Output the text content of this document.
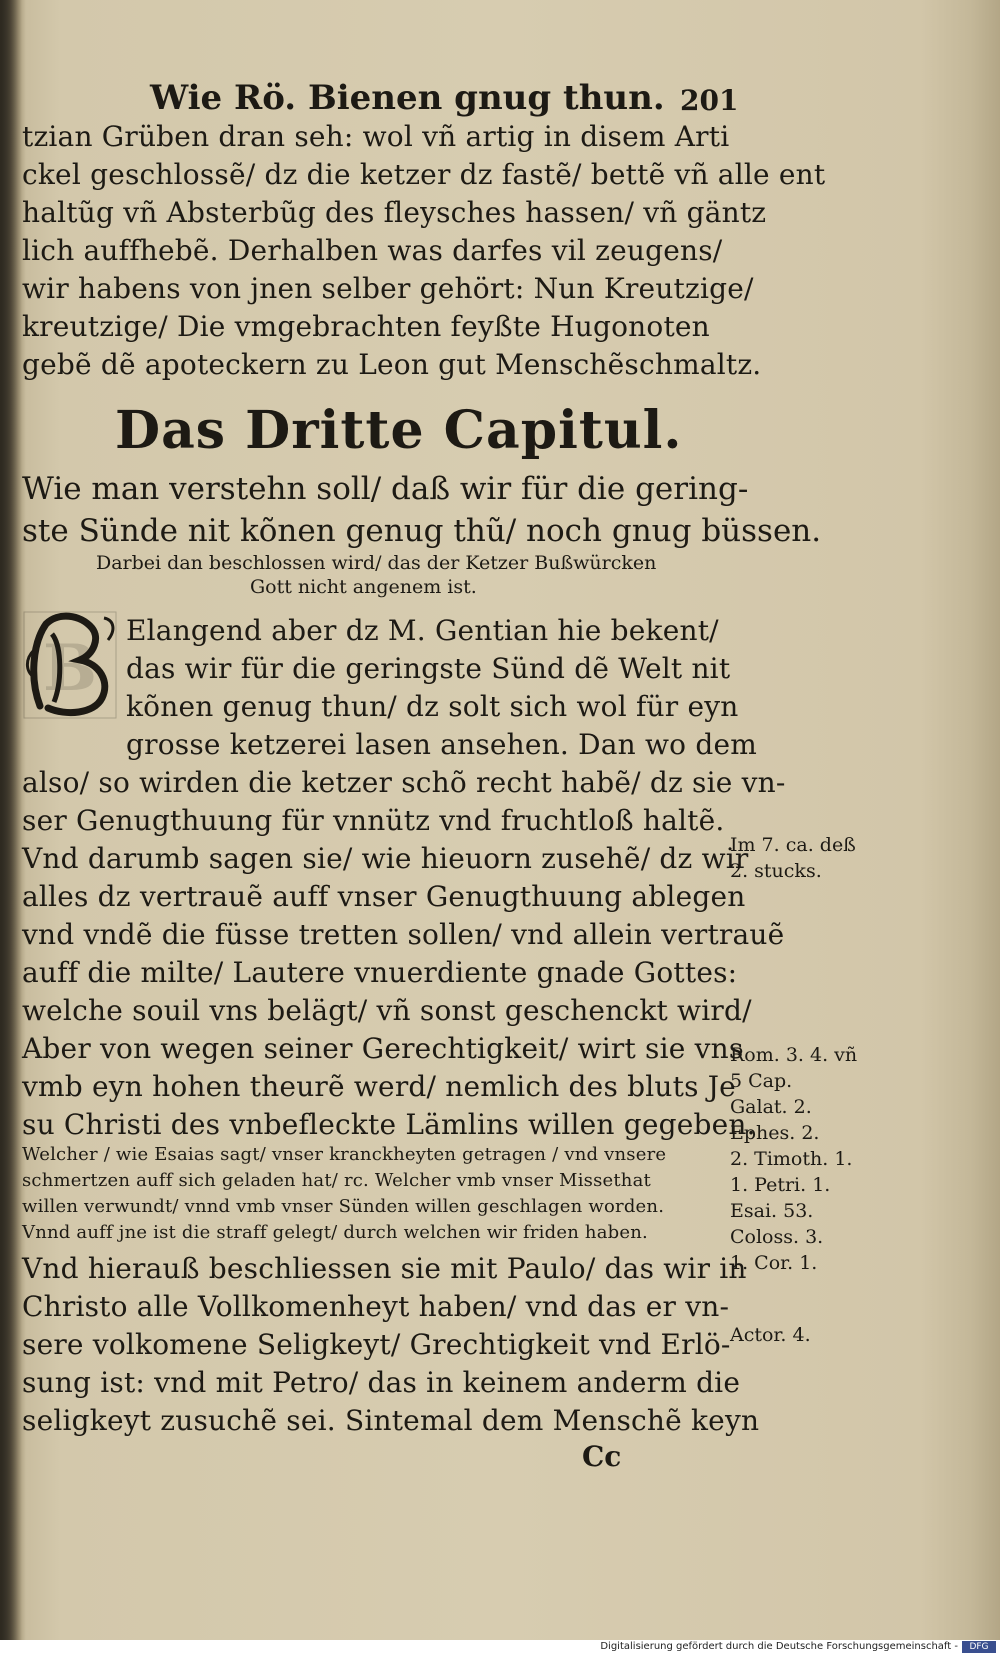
Wie Rö. Bienen gnug thun. 201
tzian Grüben dran seh: wol vñ artig in disem Arti
ckel geschlossẽ/ dz die ketzer dz fastẽ/ bettẽ vñ alle ent
haltũg vñ Absterbũg des fleysches hassen/ vñ gäntz
lich auffhebẽ. Derhalben was darfes vil zeugens/
wir habens von jnen selber gehört: Nun Kreutzige/
kreutzige/ Die vmgebrachten feyßte Hugonoten
gebẽ dẽ apoteckern zu Leon gut Menschẽschmaltz.
Das Dritte Capitul.
Wie man verstehn soll/ daß wir für die gering-
ste Sünde nit kõnen genug thũ/ noch gnug büssen.
Darbei dan beschlossen wird/ das der Ketzer Bußwürcken
Gott nicht angenem ist.
B
Elangend aber dz M. Gentian hie bekent/
das wir für die geringste Sünd dẽ Welt nit
kõnen genug thun/ dz solt sich wol für eyn
grosse ketzerei lasen ansehen. Dan wo dem
also/ so wirden die ketzer schõ recht habẽ/ dz sie vn-
ser Genugthuung für vnnütz vnd fruchtloß haltẽ.
Vnd darumb sagen sie/ wie hieuorn zusehẽ/ dz wir
alles dz vertrauẽ auff vnser Genugthuung ablegen
vnd vndẽ die füsse tretten sollen/ vnd allein vertrauẽ
auff die milte/ Lautere vnuerdiente gnade Gottes:
welche souil vns belägt/ vñ sonst geschenckt wird/
Aber von wegen seiner Gerechtigkeit/ wirt sie vns
vmb eyn hohen theurẽ werd/ nemlich des bluts Je
su Christi des vnbefleckte Lämlins willen gegeben.
Welcher / wie Esaias sagt/ vnser kranckheyten getragen / vnd vnsere
schmertzen auff sich geladen hat/ rc. Welcher vmb vnser Missethat
willen verwundt/ vnnd vmb vnser Sünden willen geschlagen worden.
Vnnd auff jne ist die straff gelegt/ durch welchen wir friden haben.
Vnd hierauß beschliessen sie mit Paulo/ das wir in
Christo alle Vollkomenheyt haben/ vnd das er vn-
sere volkomene Seligkeyt/ Grechtigkeit vnd Erlö-
sung ist: vnd mit Petro/ das in keinem anderm die
seligkeyt zusuchẽ sei. Sintemal dem Menschẽ keyn
Cc
Im 7. ca. deß
2. stucks.
Rom. 3. 4. vñ
5 Cap.
Galat. 2.
Ephes. 2.
2. Timoth. 1.
1. Petri. 1.
Esai. 53.
Coloss. 3.
1. Cor. 1.
Actor. 4.
Digitalisierung gefördert durch die Deutsche Forschungsgemeinschaft -	DFG
